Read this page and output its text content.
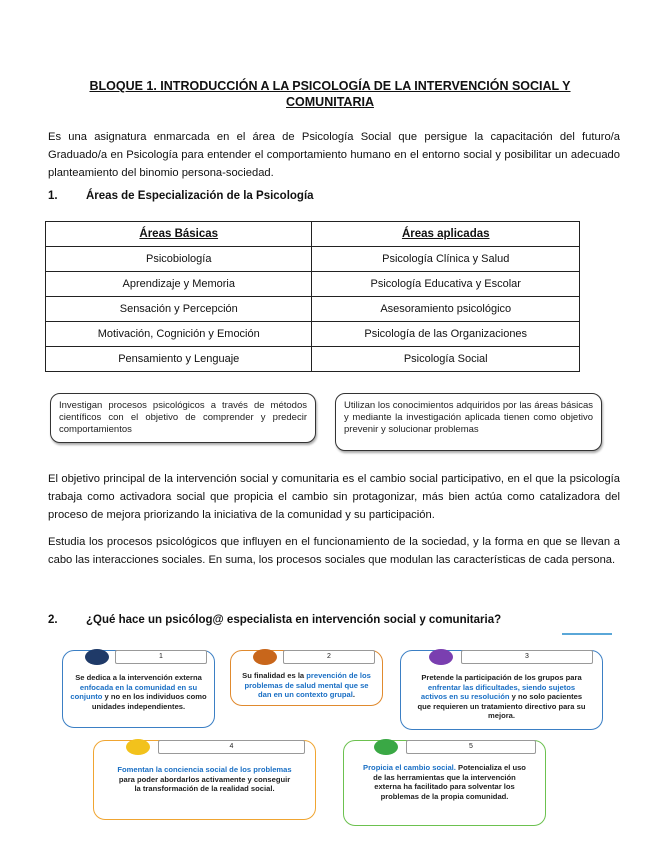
BLOQUE 1. INTRODUCCIÓN A LA PSICOLOGÍA DE LA INTERVENCIÓN SOCIAL Y COMUNITARIA
Es una asignatura enmarcada en el área de Psicología Social que persigue la capacitación del futuro/a Graduado/a en Psicología para entender el comportamiento humano en el entorno social y posibilitar un adecuado planteamiento del binomio persona-sociedad.
1. Áreas de Especialización de la Psicología
Áreas Básicas	Áreas aplicadas
Psicobiología	Psicología Clínica y Salud
Aprendizaje y Memoria	Psicología Educativa y Escolar
Sensación y Percepción	Asesoramiento psicológico
Motivación, Cognición y Emoción	Psicología de las Organizaciones
Pensamiento y Lenguaje	Psicología Social
Investigan procesos psicológicos a través de métodos científicos con el objetivo de comprender y predecir comportamientos
Utilizan los conocimientos adquiridos por las áreas básicas y mediante la investigación aplicada tienen como objetivo prevenir y solucionar problemas
El objetivo principal de la intervención social y comunitaria es el cambio social participativo, en el que la psicología trabaja como activadora social que propicia el cambio sin protagonizar, más bien actúa como catalizadora del proceso de mejora priorizando la iniciativa de la comunidad y su participación.
Estudia los procesos psicológicos que influyen en el funcionamiento de la sociedad, y la forma en que se llevan a cabo las interacciones sociales. En suma, los procesos sociales que modulan las características de cada persona.
2. ¿Qué hace un psicólog@ especialista en intervención social y comunitaria?
1
Se dedica a la intervención externa enfocada en la comunidad en su conjunto y no en los individuos como unidades independientes.
2
Su finalidad es la prevención de los problemas de salud mental que se dan en un contexto grupal.
3
Pretende la participación de los grupos para enfrentar las dificultades, siendo sujetos activos en su resolución y no solo pacientes que requieren un tratamiento directivo para su mejora.
4
Fomentan la conciencia social de los problemas para poder abordarlos activamente y conseguir la transformación de la realidad social.
5
Propicia el cambio social. Potencializa el uso de las herramientas que la intervención externa ha facilitado para solventar los problemas de la propia comunidad.
